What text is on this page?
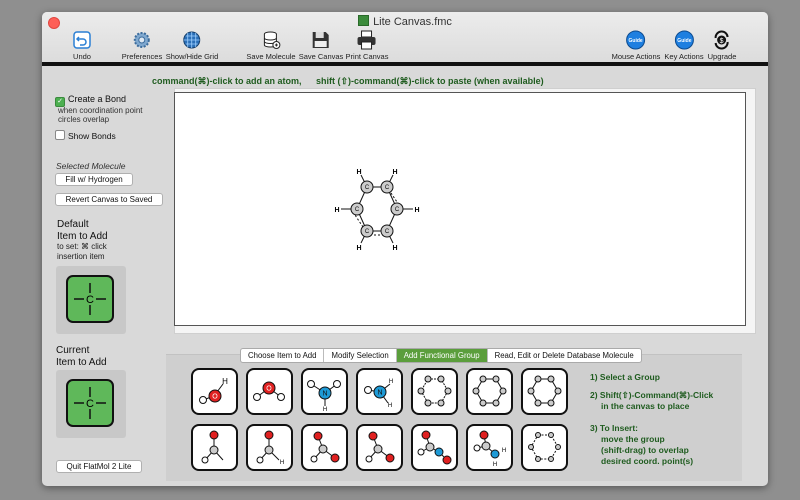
Lite Canvas.fmc
Undo	Preferences Show/Hide Grid	Save Molecule Save Canvas Print Canvas
Guide
Mouse Actions
Guide
Key Actions
$
Upgrade
command(⌘)-click to add an atom, shift (⇧)-command(⌘)-click to paste (when available)
✓ Create a Bond
when coordination point
circles overlap
Show Bonds
Selected Molecule
Fill w/ Hydrogen
Revert Canvas to Saved
Default
Item to Add
to set: ⌘ click
insertion item
C
Current
Item to Add
C
Quit FlatMol 2 Lite
C	C
C
C
C
C
H	H
H
H
H
H
Choose Item to Add	Modify Selection	Add Functional Group	Read, Edit or Delete Database Molecule
O
H
O
N
H
N
H
H
H
H
H
1) Select a Group
2) Shift(⇧)-Command(⌘)-Click
in the canvas to place
3) To Insert:
move the group
(shift-drag) to overlap
desired coord. point(s)
